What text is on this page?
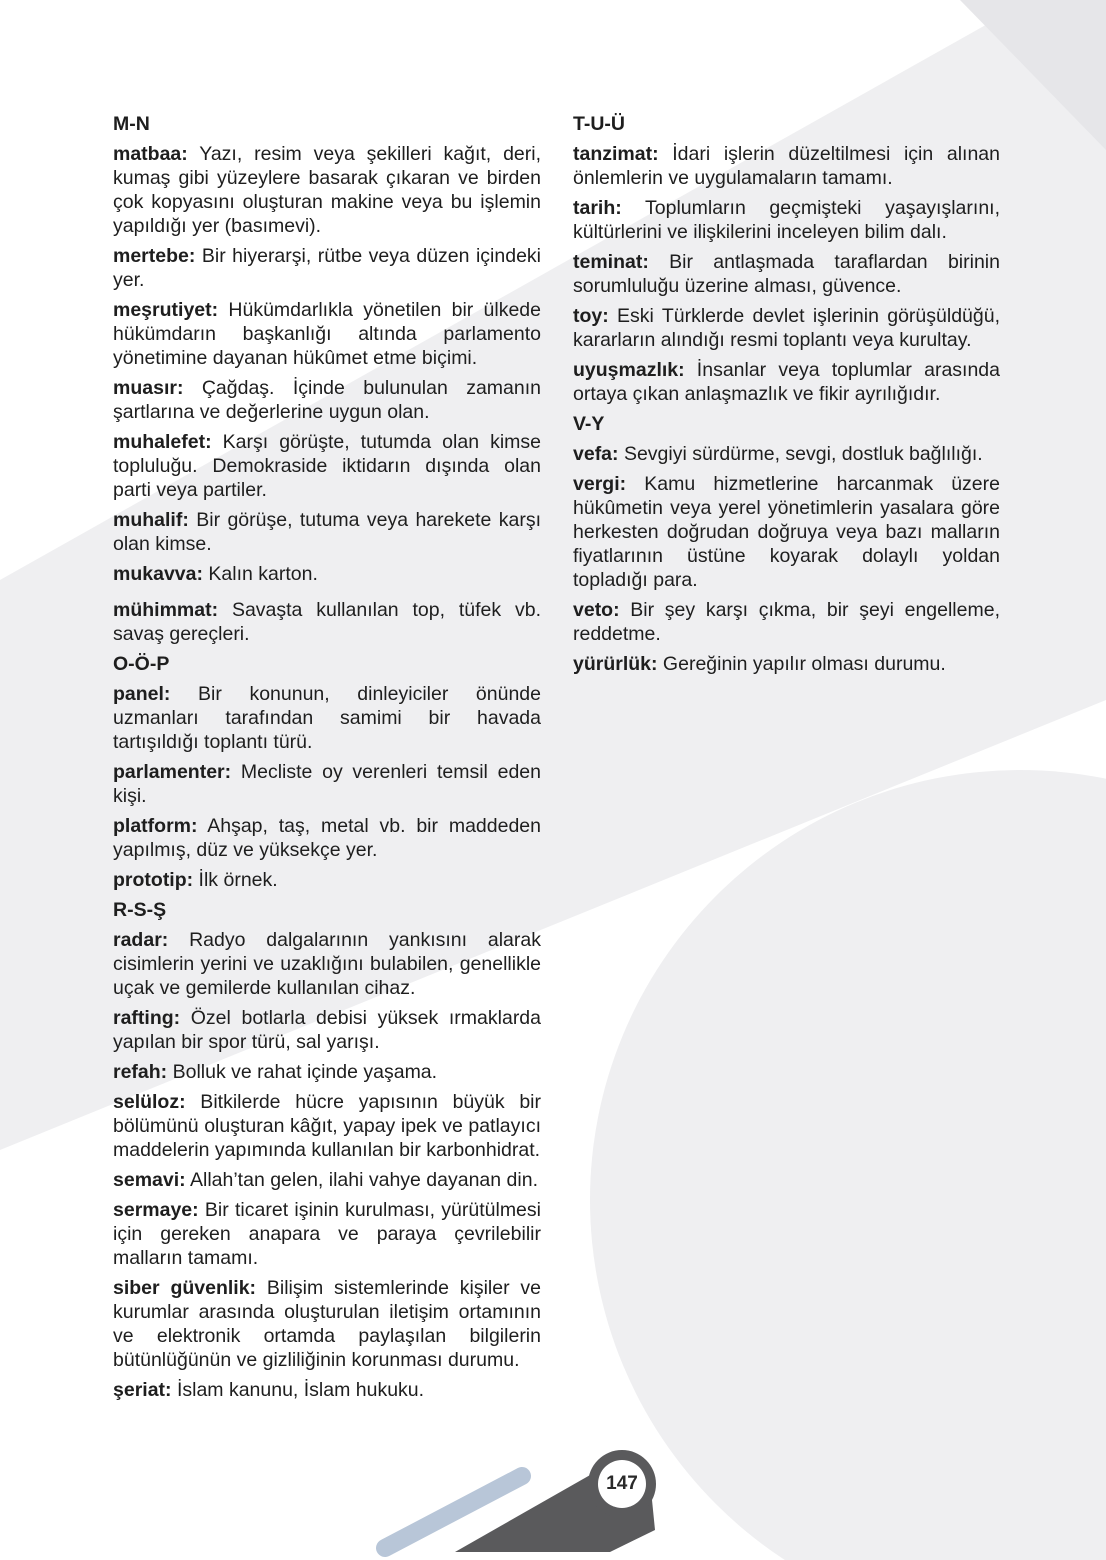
M-N
matbaa: Yazı, resim veya şekilleri kağıt, deri, kumaş gibi yüzeylere basarak çıkaran ve birden çok kopyasını oluşturan makine veya bu işlemin yapıldığı yer (basımevi).
mertebe: Bir hiyerarşi, rütbe veya düzen içindeki yer.
meşrutiyet: Hükümdarlıkla yönetilen bir ülkede hükümdarın başkanlığı altında parlamento yönetimine dayanan hükûmet etme biçimi.
muasır: Çağdaş. İçinde bulunulan zamanın şartlarına ve değerlerine uygun olan.
muhalefet: Karşı görüşte, tutumda olan kimse topluluğu. Demokraside iktidarın dışında olan parti veya partiler.
muhalif: Bir görüşe, tutuma veya harekete karşı olan kimse.
mukavva: Kalın karton.
mühimmat: Savaşta kullanılan top, tüfek vb. savaş gereçleri.
O-Ö-P
panel: Bir konunun, dinleyiciler önünde uzmanları tarafından samimi bir havada tartışıldığı toplantı türü.
parlamenter: Mecliste oy verenleri temsil eden kişi.
platform: Ahşap, taş, metal vb. bir maddeden yapılmış, düz ve yüksekçe yer.
prototip: İlk örnek.
R-S-Ş
radar: Radyo dalgalarının yankısını alarak cisimlerin yerini ve uzaklığını bulabilen, genellikle uçak ve gemilerde kullanılan cihaz.
rafting: Özel botlarla debisi yüksek ırmaklarda yapılan bir spor türü, sal yarışı.
refah: Bolluk ve rahat içinde yaşama.
selüloz: Bitkilerde hücre yapısının büyük bir bölümünü oluşturan kâğıt, yapay ipek ve patlayıcı maddelerin yapımında kullanılan bir karbonhidrat.
semavi: Allah’tan gelen, ilahi vahye dayanan din.
sermaye: Bir ticaret işinin kurulması, yürütülmesi için gereken anapara ve paraya çevrilebilir malların tamamı.
siber güvenlik: Bilişim sistemlerinde kişiler ve kurumlar arasında oluşturulan iletişim ortamının ve elektronik ortamda paylaşılan bilgilerin bütünlüğünün ve gizliliğinin korunması durumu.
şeriat: İslam kanunu, İslam hukuku.
T-U-Ü
tanzimat: İdari işlerin düzeltilmesi için alınan önlemlerin ve uygulamaların tamamı.
tarih: Toplumların geçmişteki yaşayışlarını, kültürlerini ve ilişkilerini inceleyen bilim dalı.
teminat: Bir antlaşmada taraflardan birinin sorumluluğu üzerine alması, güvence.
toy: Eski Türklerde devlet işlerinin görüşüldüğü, kararların alındığı resmi toplantı veya kurultay.
uyuşmazlık: İnsanlar veya toplumlar arasında ortaya çıkan anlaşmazlık ve fikir ayrılığıdır.
V-Y
vefa: Sevgiyi sürdürme, sevgi, dostluk bağlılığı.
vergi: Kamu hizmetlerine harcanmak üzere hükûmetin veya yerel yönetimlerin yasalara göre herkesten doğrudan doğruya veya bazı malların fiyatlarının üstüne koyarak dolaylı yoldan topladığı para.
veto: Bir şey karşı çıkma, bir şeyi engelleme, reddetme.
yürürlük: Gereğinin yapılır olması durumu.
147
